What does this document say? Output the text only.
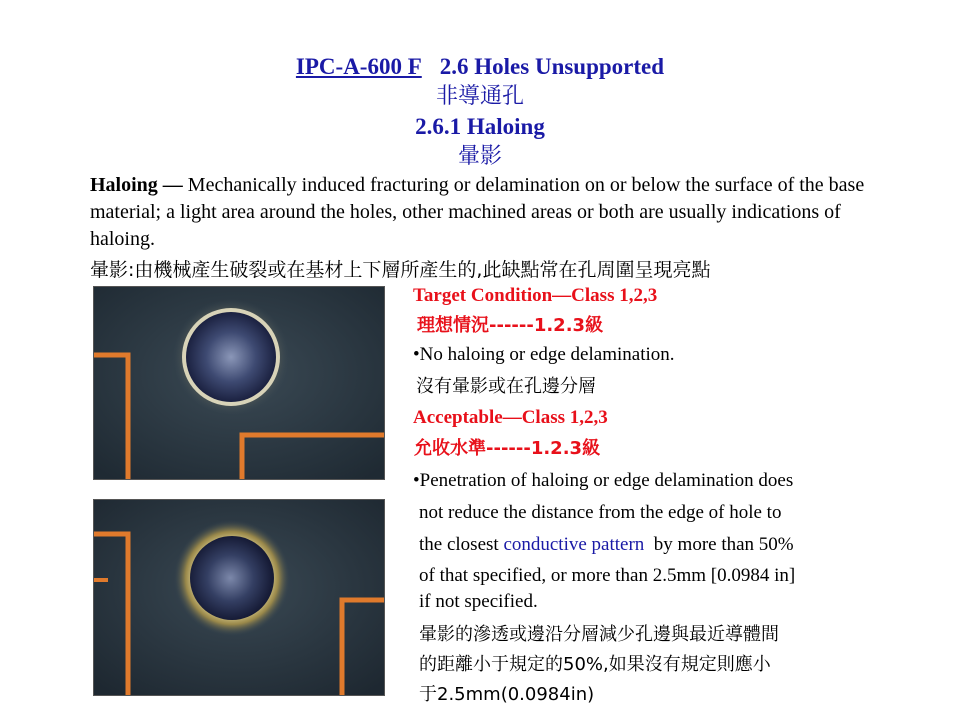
IPC-A-600 F 2.6 Holes Unsupported
非導通孔
2.6.1 Haloing
暈影
Haloing — Mechanically induced fracturing or delamination on or below the surface of the base material; a light area around the holes, other machined areas or both are usually indications of haloing.
暈影:由機械產生破裂或在基材上下層所產生的,此缺點常在孔周圍呈現亮點
Target Condition—Class 1,2,3
理想情況------1.2.3級
•No haloing or edge delamination.
沒有暈影或在孔邊分層
Acceptable—Class 1,2,3
允收水準------1.2.3級
•Penetration of haloing or edge delamination does
not reduce the distance from the edge of hole to
the closest conductive pattern  by more than 50%
of that specified, or more than 2.5mm [0.0984 in]
if not specified.
暈影的滲透或邊沿分層減少孔邊與最近導體間
的距離小于規定的50%,如果沒有規定則應小
于2.5mm(0.0984in)
